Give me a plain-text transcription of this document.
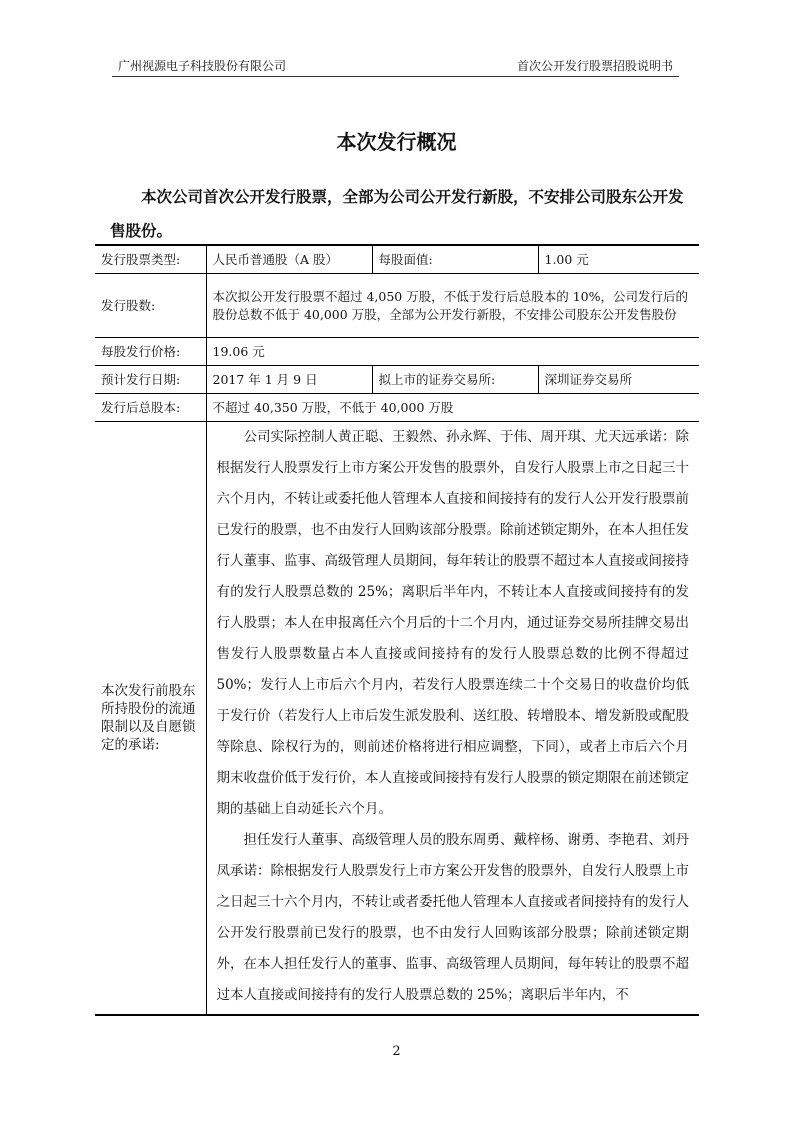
广州视源电子科技股份有限公司	首次公开发行股票招股说明书
本次发行概况
本次公司首次公开发行股票，全部为公司公开发行新股，不安排公司股东公开发售股份。
发行股票类型:	人民币普通股（A 股）	每股面值:	1.00 元
发行股数:	本次拟公开发行股票不超过 4,050 万股，不低于发行后总股本的 10%，公司发行后的股份总数不低于 40,000 万股，全部为公开发行新股，不安排公司股东公开发售股份		
每股发行价格:	19.06 元		
预计发行日期:	2017 年 1 月 9 日	拟上市的证券交易所:	深圳证券交易所
发行后总股本:	不超过 40,350 万股，不低于 40,000 万股		
本次发行前股东所持股份的流通限制以及自愿锁定的承诺:	公司实际控制人黄正聪、王毅然、孙永辉、于伟、周开琪、尤天远承诺：除根据发行人股票发行上市方案公开发售的股票外，自发行人股票上市之日起三十六个月内，不转让或委托他人管理本人直接和间接持有的发行人公开发行股票前已发行的股票，也不由发行人回购该部分股票。除前述锁定期外，在本人担任发行人董事、监事、高级管理人员期间，每年转让的股票不超过本人直接或间接持有的发行人股票总数的 25%；离职后半年内，不转让本人直接或间接持有的发行人股票；本人在申报离任六个月后的十二个月内，通过证券交易所挂牌交易出售发行人股票数量占本人直接或间接持有的发行人股票总数的比例不得超过 50%；发行人上市后六个月内，若发行人股票连续二十个交易日的收盘价均低于发行价（若发行人上市后发生派发股利、送红股、转增股本、增发新股或配股等除息、除权行为的，则前述价格将进行相应调整，下同），或者上市后六个月期末收盘价低于发行价，本人直接或间接持有发行人股票的锁定期限在前述锁定期的基础上自动延长六个月。

担任发行人董事、高级管理人员的股东周勇、戴梓杨、谢勇、李艳君、刘丹凤承诺：除根据发行人股票发行上市方案公开发售的股票外，自发行人股票上市之日起三十六个月内，不转让或者委托他人管理本人直接或者间接持有的发行人公开发行股票前已发行的股票，也不由发行人回购该部分股票；除前述锁定期外，在本人担任发行人的董事、监事、高级管理人员期间，每年转让的股票不超过本人直接或间接持有的发行人股票总数的 25%；离职后半年内，不		

2
